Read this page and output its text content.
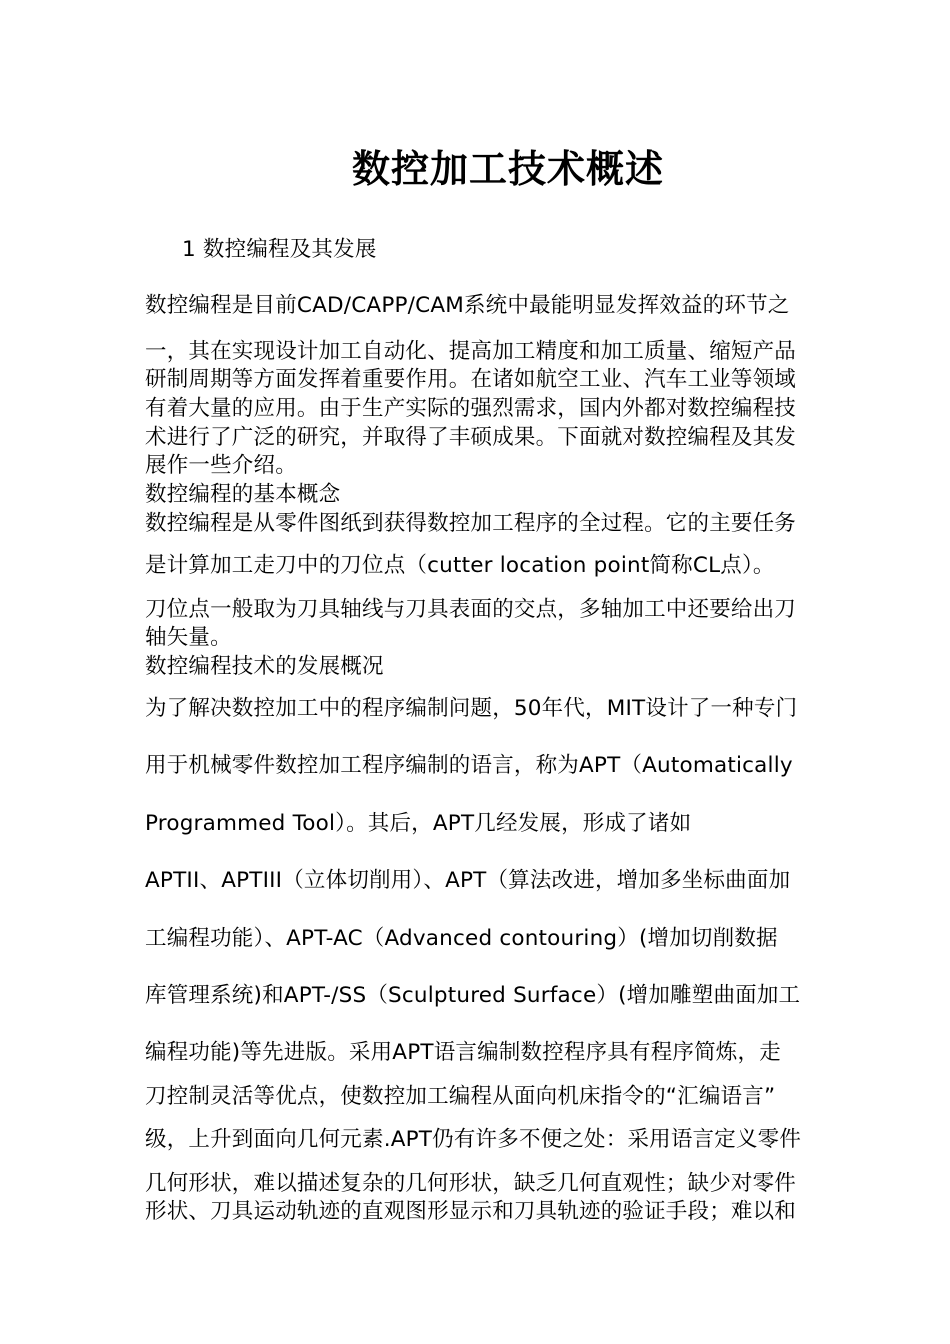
数控加工技术概述
1 数控编程及其发展
数控编程是目前CAD/CAPP/CAM系统中最能明显发挥效益的环节之
一，其在实现设计加工自动化、提高加工精度和加工质量、缩短产品
研制周期等方面发挥着重要作用。在诸如航空工业、汽车工业等领域
有着大量的应用。由于生产实际的强烈需求，国内外都对数控编程技
术进行了广泛的研究，并取得了丰硕成果。下面就对数控编程及其发
展作一些介绍。
数控编程的基本概念
数控编程是从零件图纸到获得数控加工程序的全过程。它的主要任务
是计算加工走刀中的刀位点（cutter location point简称CL点）。
刀位点一般取为刀具轴线与刀具表面的交点，多轴加工中还要给出刀
轴矢量。
数控编程技术的发展概况
为了解决数控加工中的程序编制问题，50年代，MIT设计了一种专门
用于机械零件数控加工程序编制的语言，称为APT（Automatically
Programmed Tool）。其后，APT几经发展，形成了诸如
APTII、APTIII（立体切削用）、APT（算法改进，增加多坐标曲面加
工编程功能）、APT-AC（Advanced contouring）(增加切削数据
库管理系统)和APT-/SS（Sculptured Surface）(增加雕塑曲面加工
编程功能)等先进版。采用APT语言编制数控程序具有程序简炼，走
刀控制灵活等优点，使数控加工编程从面向机床指令的“汇编语言”
级，上升到面向几何元素.APT仍有许多不便之处：采用语言定义零件
几何形状，难以描述复杂的几何形状，缺乏几何直观性；缺少对零件
形状、刀具运动轨迹的直观图形显示和刀具轨迹的验证手段；难以和
